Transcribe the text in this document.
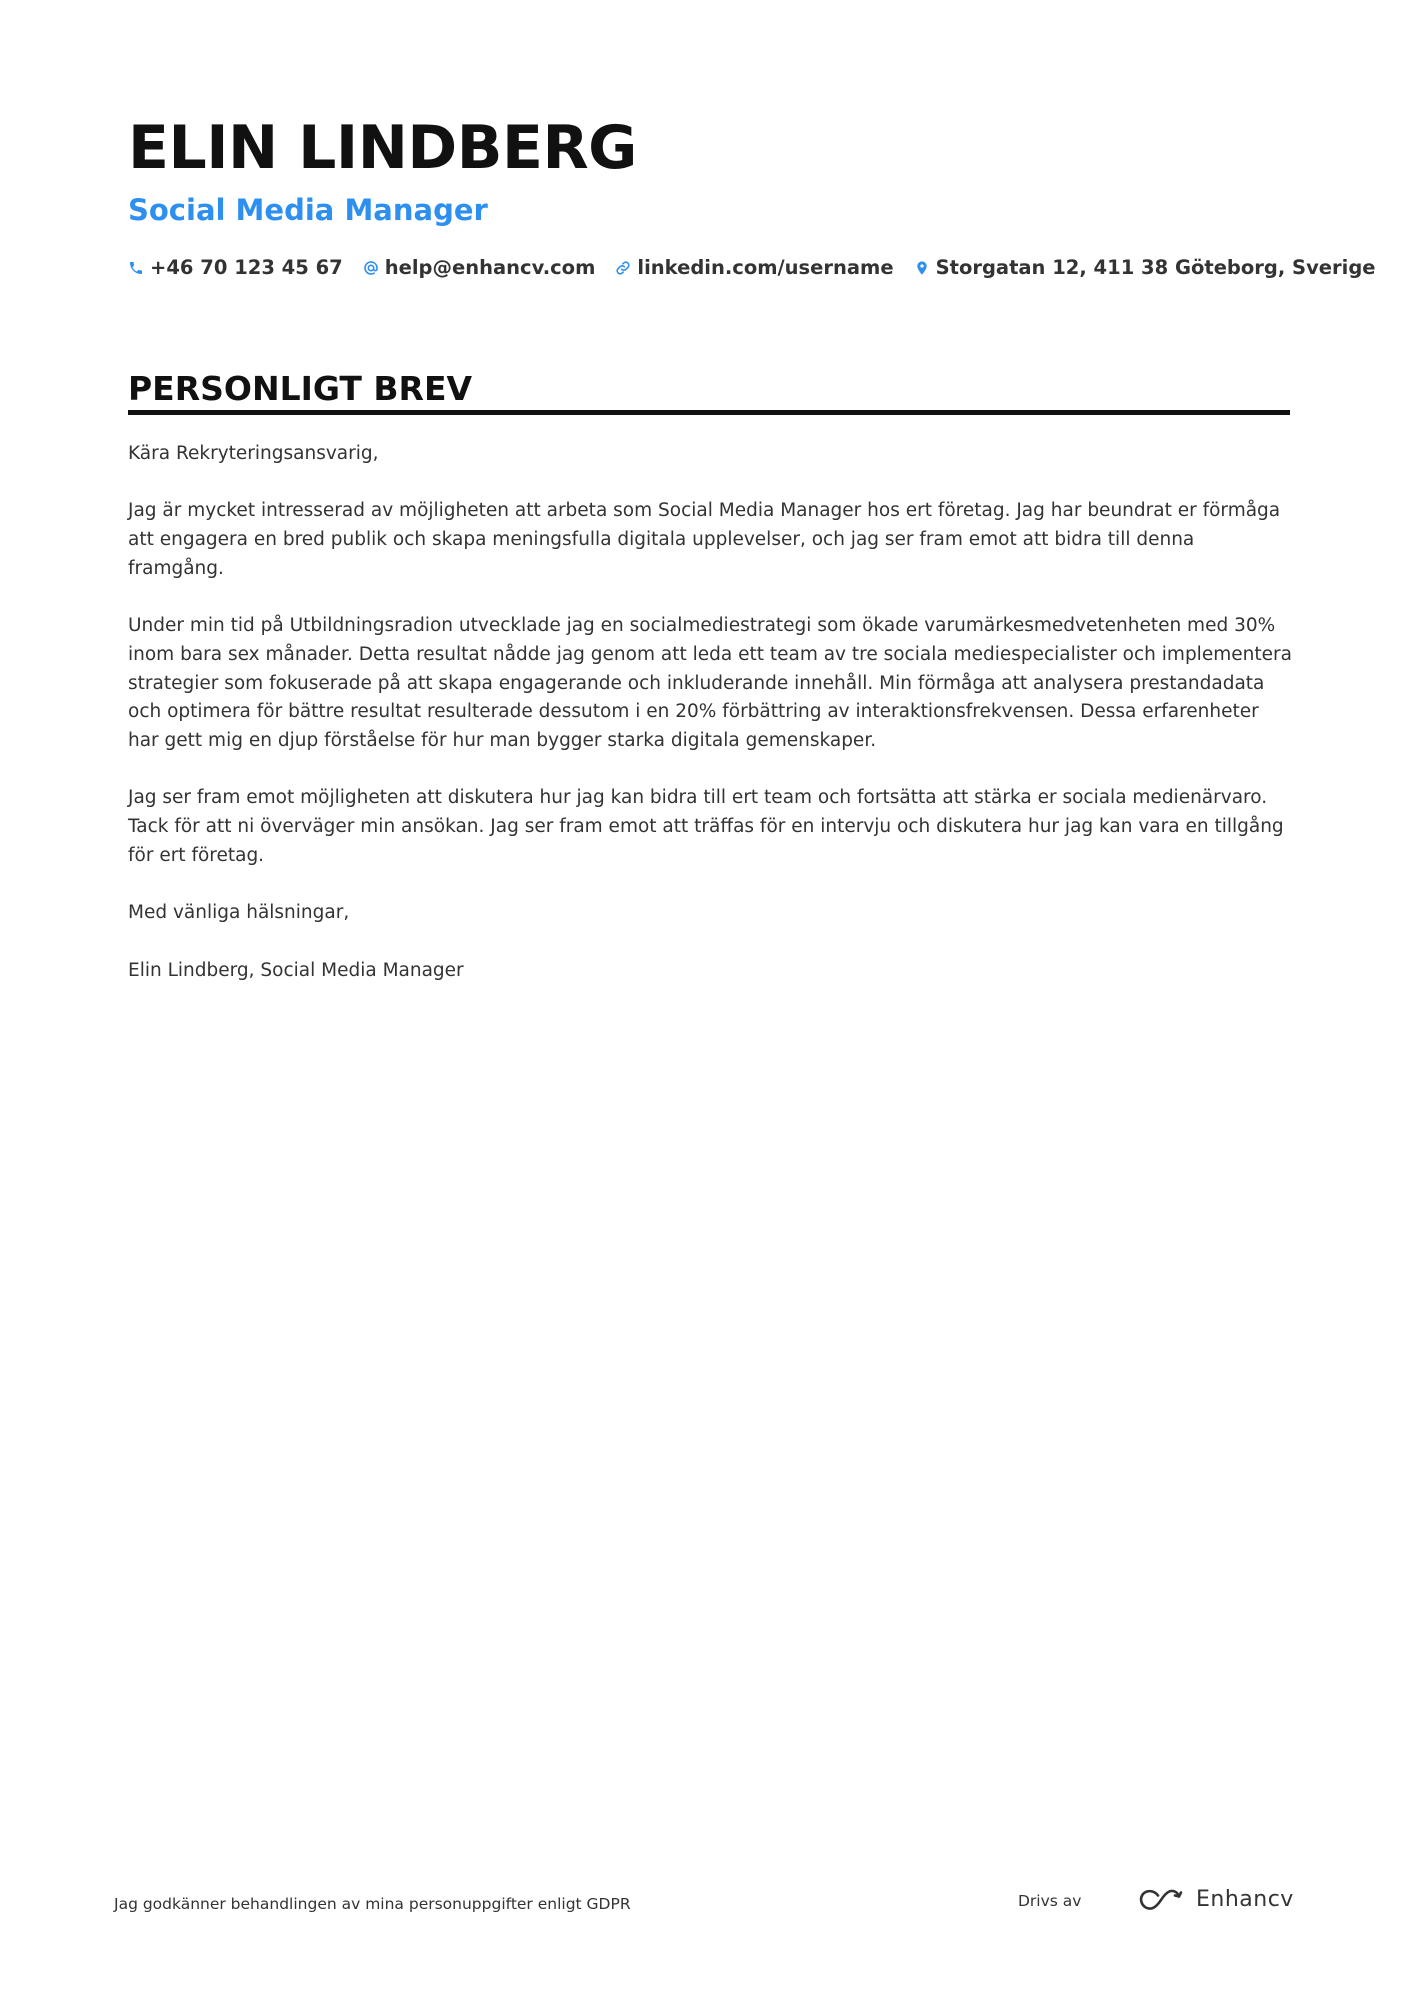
ELIN LINDBERG
Social Media Manager
+46 70 123 45 67 help@enhancv.com linkedin.com/username Storgatan 12, 411 38 Göteborg, Sverige
PERSONLIGT BREV

Kära Rekryteringsansvarig,

Jag är mycket intresserad av möjligheten att arbeta som Social Media Manager hos ert företag. Jag har beundrat er förmåga att engagera en bred publik och skapa meningsfulla digitala upplevelser, och jag ser fram emot att bidra till denna framgång.

Under min tid på Utbildningsradion utvecklade jag en socialmediestrategi som ökade varumärkesmedvetenheten med 30% inom bara sex månader. Detta resultat nådde jag genom att leda ett team av tre sociala mediespecialister och implementera strategier som fokuserade på att skapa engagerande och inkluderande innehåll. Min förmåga att analysera prestandadata och optimera för bättre resultat resulterade dessutom i en 20% förbättring av interaktionsfrekvensen. Dessa erfarenheter har gett mig en djup förståelse för hur man bygger starka digitala gemenskaper.

Jag ser fram emot möjligheten att diskutera hur jag kan bidra till ert team och fortsätta att stärka er sociala medienärvaro. Tack för att ni överväger min ansökan. Jag ser fram emot att träffas för en intervju och diskutera hur jag kan vara en tillgång för ert företag.

Med vänliga hälsningar,

Elin Lindberg, Social Media Manager

Jag godkänner behandlingen av mina personuppgifter enligt GDPR	Drivs av	Enhancv
